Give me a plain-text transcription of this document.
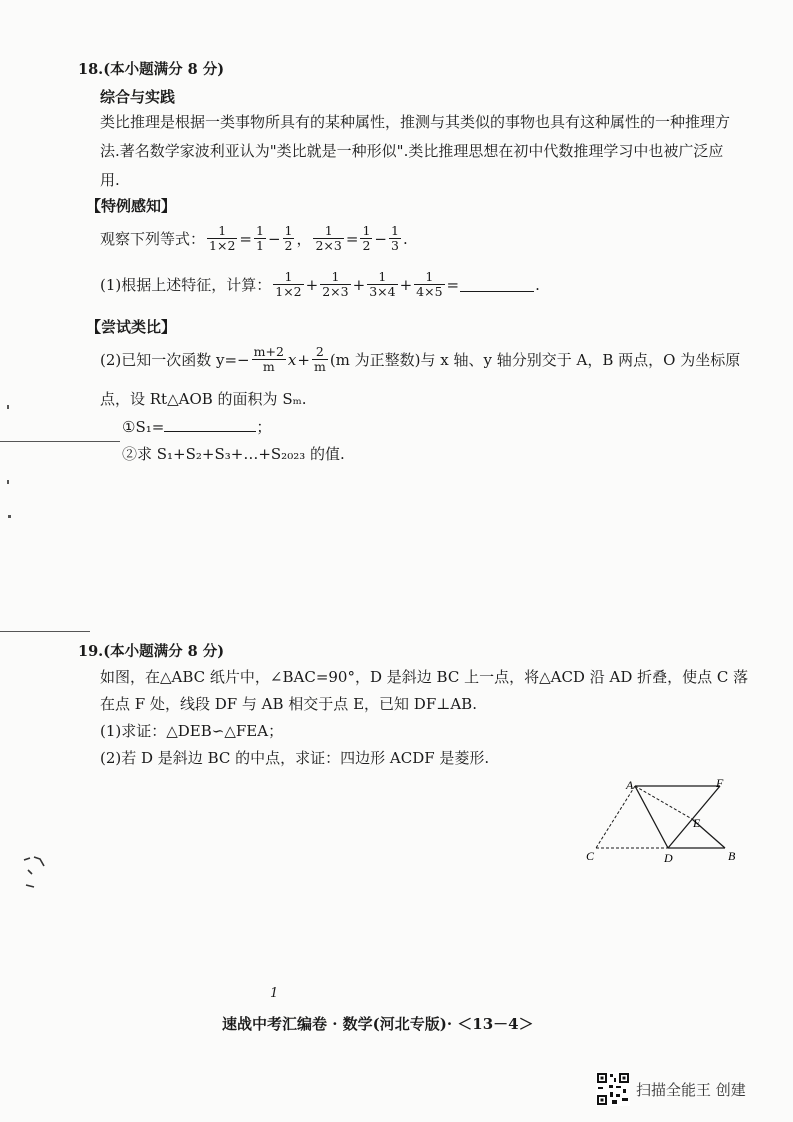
18.(本小题满分 8 分)
综合与实践
类比推理是根据一类事物所具有的某种属性，推测与其类似的事物也具有这种属性的一种推理方法.著名数学家波利亚认为"类比就是一种形似".类比推理思想在初中代数推理学习中也被广泛应用.
【特例感知】
观察下列等式： $\frac{1}{1\times 2} = \frac{1}{1} - \frac{1}{2}$ ， $\frac{1}{2\times 3} = \frac{1}{2} - \frac{1}{3}$ .
(1)根据上述特征，计算： $\frac{1}{1\times 2} + \frac{1}{2\times 3} + \frac{1}{3\times 4} + \frac{1}{4\times 5}$ =	.
【尝试类比】
(2)已知一次函数 $y=- \frac{m+2}{m}$ $x + \frac{2}{m} (m$ 为正整数)与 x 轴、y 轴分别交于 A，B 两点，O 为坐标原
点，设 Rt△AOB 的面积为 Sₘ.
①S₁=	；
②求 S₁+S₂+S₃+…+S₂₀₂₃ 的值.
19.(本小题满分 8 分)
如图，在△ABC 纸片中，∠BAC=90°，D 是斜边 BC 上一点，将△ACD 沿 AD 折叠，使点 C 落
在点 F 处，线段 DF 与 AB 相交于点 E，已知 DF⊥AB.
(1)求证：△DEB∽△FEA；
(2)若 D 是斜边 BC 的中点，求证：四边形 ACDF 是菱形.
A	F
E
C	D	B
1
速战中考汇编卷 · 数学(河北专版)· ＜13－4＞
扫描全能王 创建
